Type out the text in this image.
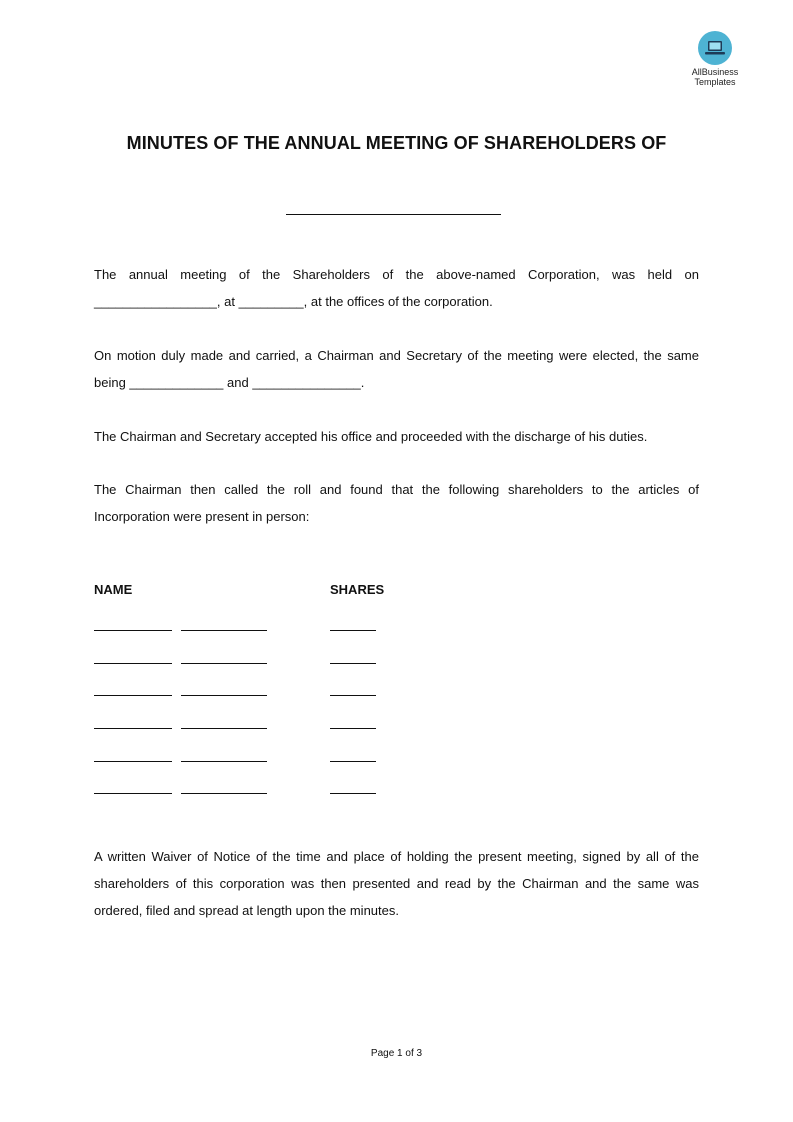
AllBusiness
Templates
MINUTES OF THE ANNUAL MEETING OF SHAREHOLDERS OF
The annual meeting of the Shareholders of the above-named Corporation, was held on
_________________, at _________, at the offices of the corporation.
On motion duly made and carried, a Chairman and Secretary of the meeting were elected, the same
being _____________ and _______________.
The Chairman and Secretary accepted his office and proceeded with the discharge of his duties.
The Chairman then called the roll and found that the following shareholders to the articles of
Incorporation were present in person:
NAME	SHARES
A written Waiver of Notice of the time and place of holding the present meeting, signed by all of the
shareholders of this corporation was then presented and read by the Chairman and the same was
ordered, filed and spread at length upon the minutes.
Page 1 of 3
